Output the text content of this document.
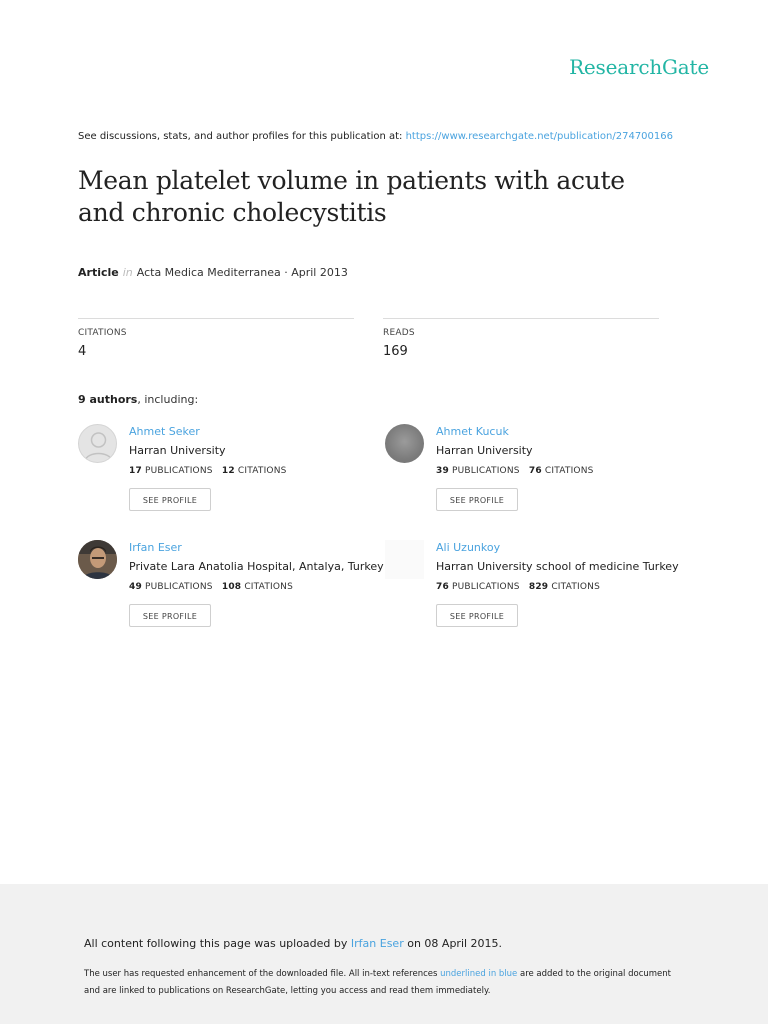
ResearchGate
See discussions, stats, and author profiles for this publication at: https://www.researchgate.net/publication/274700166
Mean platelet volume in patients with acute
and chronic cholecystitis
Article in Acta Medica Mediterranea · April 2013
CITATIONS
4
READS
169
9 authors, including:
Ahmet Seker
Harran University
17 PUBLICATIONS 12 CITATIONS
SEE PROFILE
Ahmet Kucuk
Harran University
39 PUBLICATIONS 76 CITATIONS
SEE PROFILE
Irfan Eser
Private Lara Anatolia Hospital, Antalya, Turkey
49 PUBLICATIONS 108 CITATIONS
SEE PROFILE
Ali Uzunkoy
Harran University school of medicine Turkey
76 PUBLICATIONS 829 CITATIONS
SEE PROFILE
All content following this page was uploaded by Irfan Eser on 08 April 2015.
The user has requested enhancement of the downloaded file. All in-text references underlined in blue are added to the original document
and are linked to publications on ResearchGate, letting you access and read them immediately.
